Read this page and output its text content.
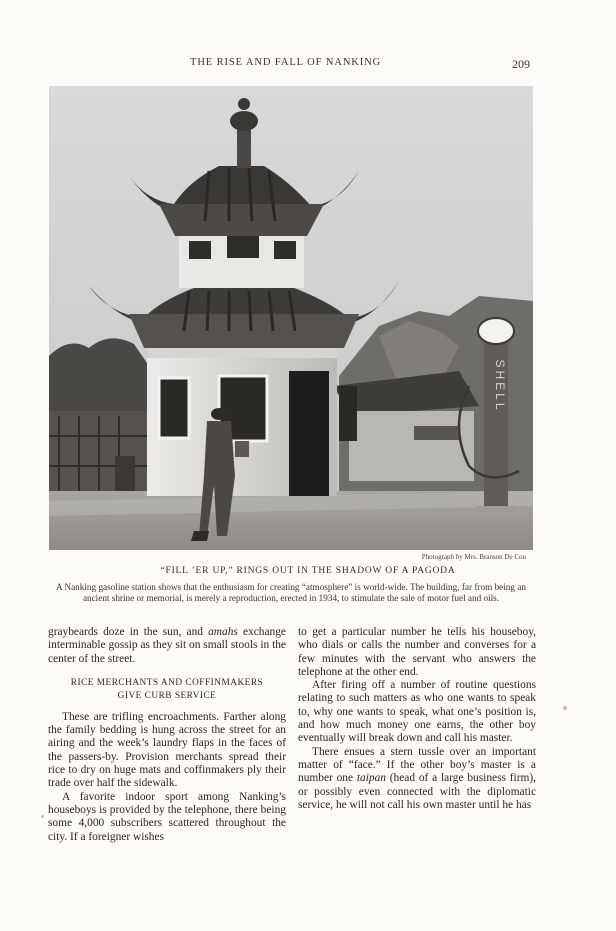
THE RISE AND FALL OF NANKING	209
SHELL
Photograph by Mrs. Branson De Cou
“FILL ’ER UP,” RINGS OUT IN THE SHADOW OF A PAGODA
A Nanking gasoline station shows that the enthusiasm for creating “atmosphere” is world-wide. The building, far from being an ancient shrine or memorial, is merely a reproduction, erected in 1934, to stimulate the sale of motor fuel and oils.

graybeards doze in the sun, and amahs exchange interminable gossip as they sit on small stools in the center of the street.

RICE MERCHANTS AND COFFINMAKERS
GIVE CURB SERVICE

These are trifling encroachments. Farther along the family bedding is hung across the street for an airing and the week’s laundry flaps in the faces of the passers-by. Provision merchants spread their rice to dry on huge mats and coffinmakers ply their trade over half the sidewalk.

A favorite indoor sport among Nanking’s houseboys is provided by the telephone, there being some 4,000 subscribers scattered throughout the city. If a foreigner wishes

to get a particular number he tells his houseboy, who dials or calls the number and converses for a few minutes with the servant who answers the telephone at the other end.

After firing off a number of routine questions relating to such matters as who one wants to speak to, why one wants to speak, what one’s position is, and how much money one earns, the other boy eventually will break down and call his master.

There ensues a stern tussle over an important matter of “face.” If the other boy’s master is a number one taipan (head of a large business firm), or possibly even connected with the diplomatic service, he will not call his own master until he has
